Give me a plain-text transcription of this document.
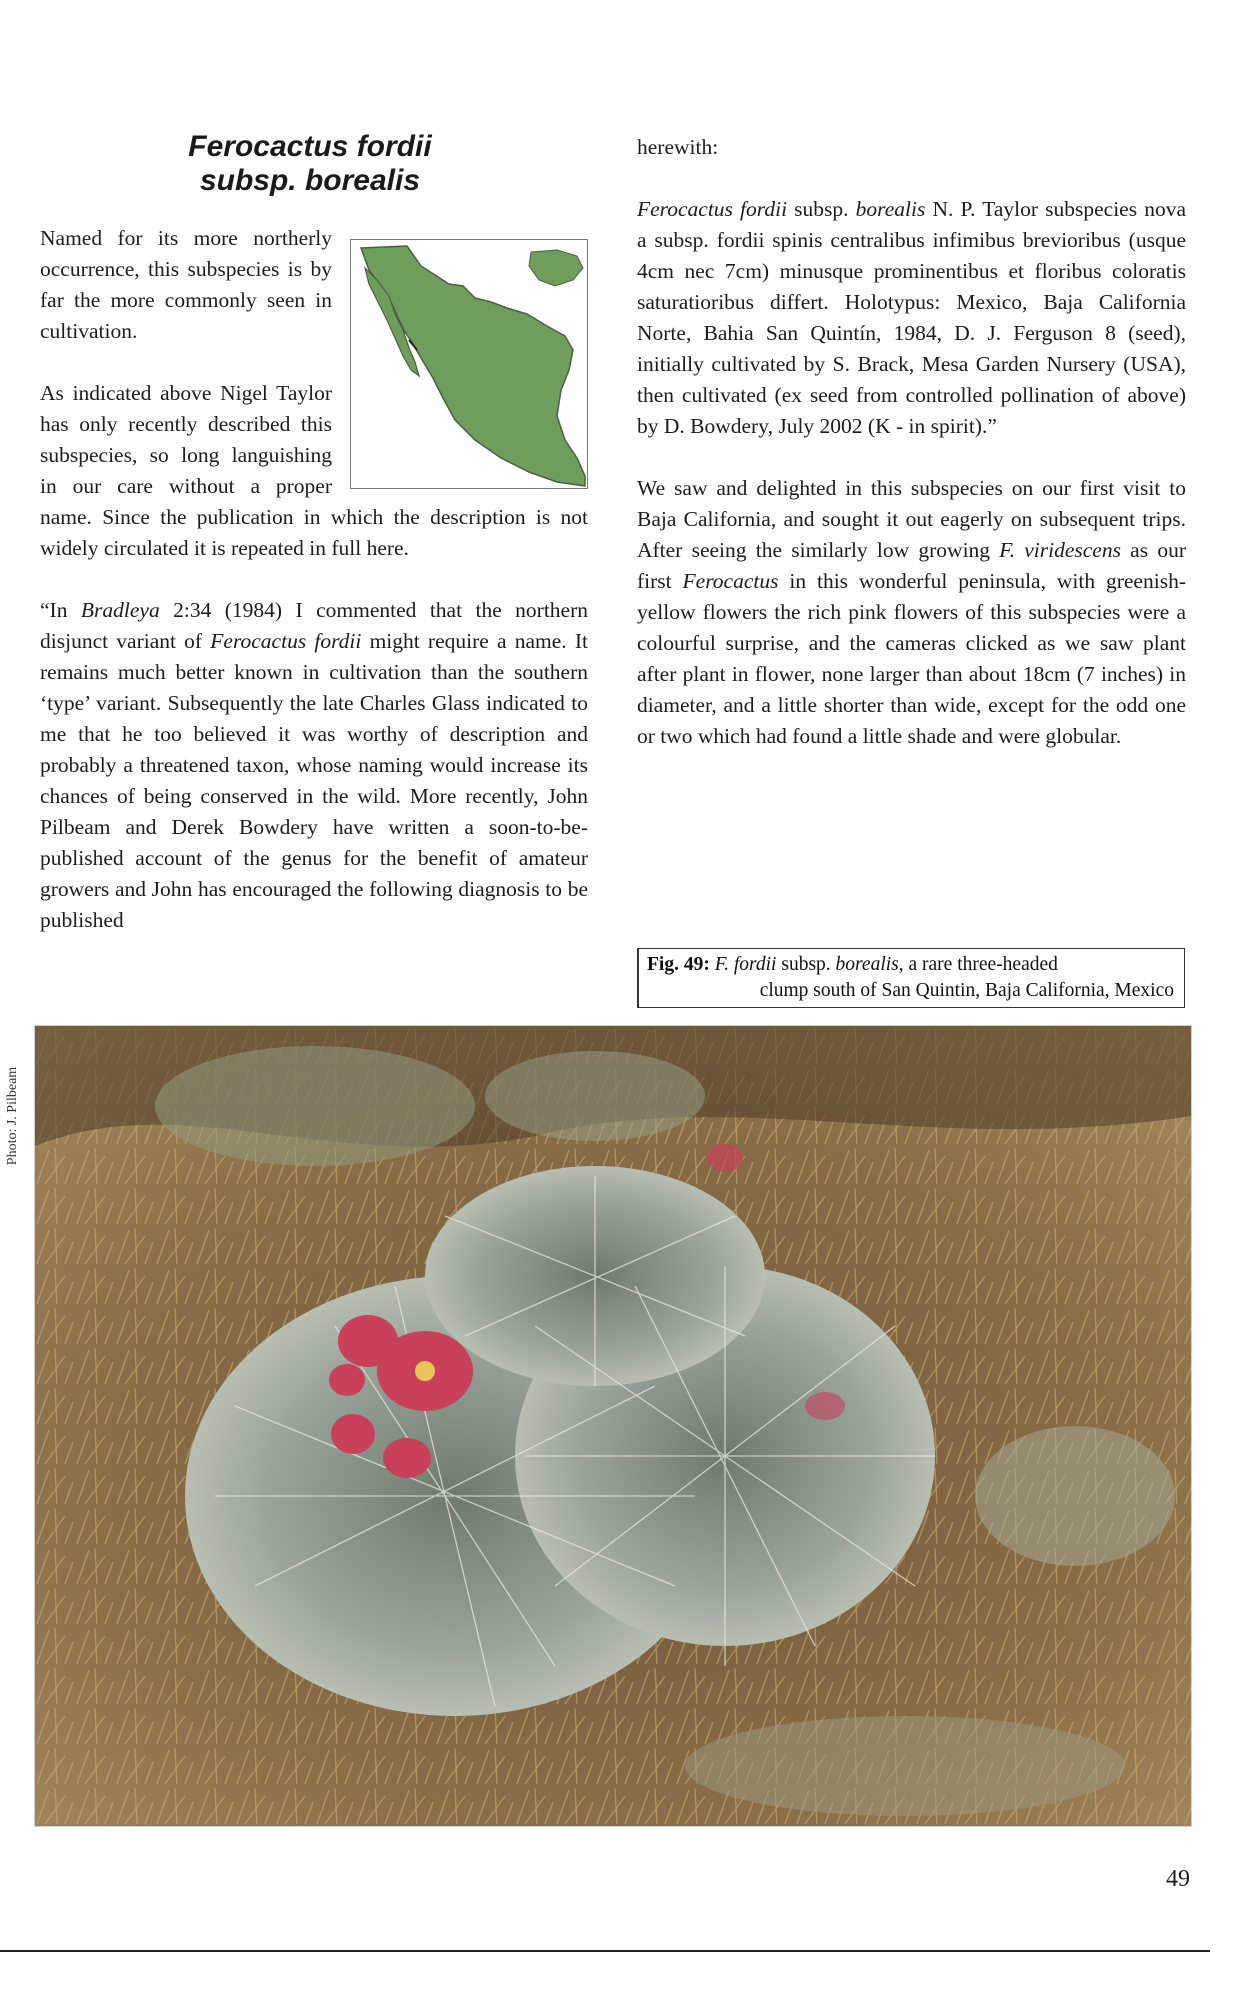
Ferocactus fordii

subsp. borealis

Named for its more northerly occurrence, this subspecies is by far the more commonly seen in cultivation.

As indicated above Nigel Taylor has only recently described this subspecies, so long languishing in our care without a proper name. Since the publication in which the description is not widely circulated it is repeated in full here.

“In Bradleya 2:34 (1984) I commented that the northern disjunct variant of Ferocactus fordii might require a name. It remains much better known in cultivation than the southern ‘type’ variant. Subsequently the late Charles Glass indicated to me that he too believed it was worthy of description and probably a threatened taxon, whose naming would increase its chances of being conserved in the wild. More recently, John Pilbeam and Derek Bowdery have written a soon-to-be-published account of the genus for the benefit of amateur growers and John has encouraged the following diagnosis to be published

herewith:

Ferocactus fordii subsp. borealis N. P. Taylor subspecies nova a subsp. fordii spinis centralibus infimibus brevioribus (usque 4cm nec 7cm) minusque prominentibus et floribus coloratis saturatioribus differt. Holotypus: Mexico, Baja California Norte, Bahia San Quintín, 1984, D. J. Ferguson 8 (seed), initially cultivated by S. Brack, Mesa Garden Nursery (USA), then cultivated (ex seed from controlled pollination of above) by D. Bowdery, July 2002 (K - in spirit).”

We saw and delighted in this subspecies on our first visit to Baja California, and sought it out eagerly on subsequent trips. After seeing the similarly low growing F. viridescens as our first Ferocactus in this wonderful peninsula, with greenish-yellow flowers the rich pink flowers of this subspecies were a colourful surprise, and the cameras clicked as we saw plant after plant in flower, none larger than about 18cm (7 inches) in diameter, and a little shorter than wide, except for the odd one or two which had found a little shade and were globular.

Fig. 49: F. fordii subsp. borealis, a rare three-headed
clump south of San Quintin, Baja California, Mexico
Photo: J. Pilbeam
49
